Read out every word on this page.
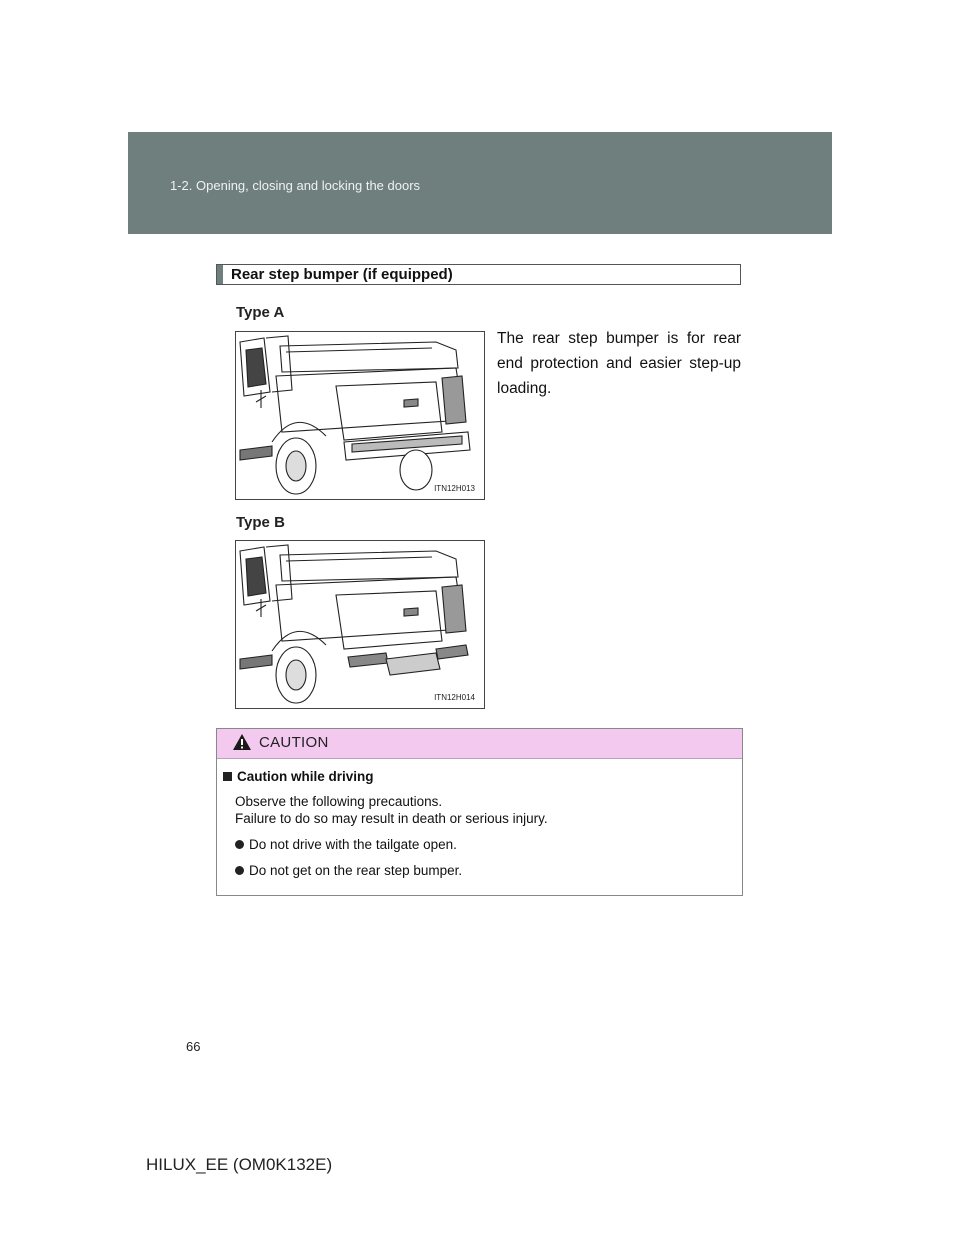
1-2. Opening, closing and locking the doors
Rear step bumper (if equipped)
Type A
The rear step bumper is for rear end protection and easier step-up loading.
ITN12H013
Type B
ITN12H014
CAUTION
Caution while driving
Observe the following precautions.
Failure to do so may result in death or serious injury.
Do not drive with the tailgate open.
Do not get on the rear step bumper.
66
HILUX_EE (OM0K132E)
